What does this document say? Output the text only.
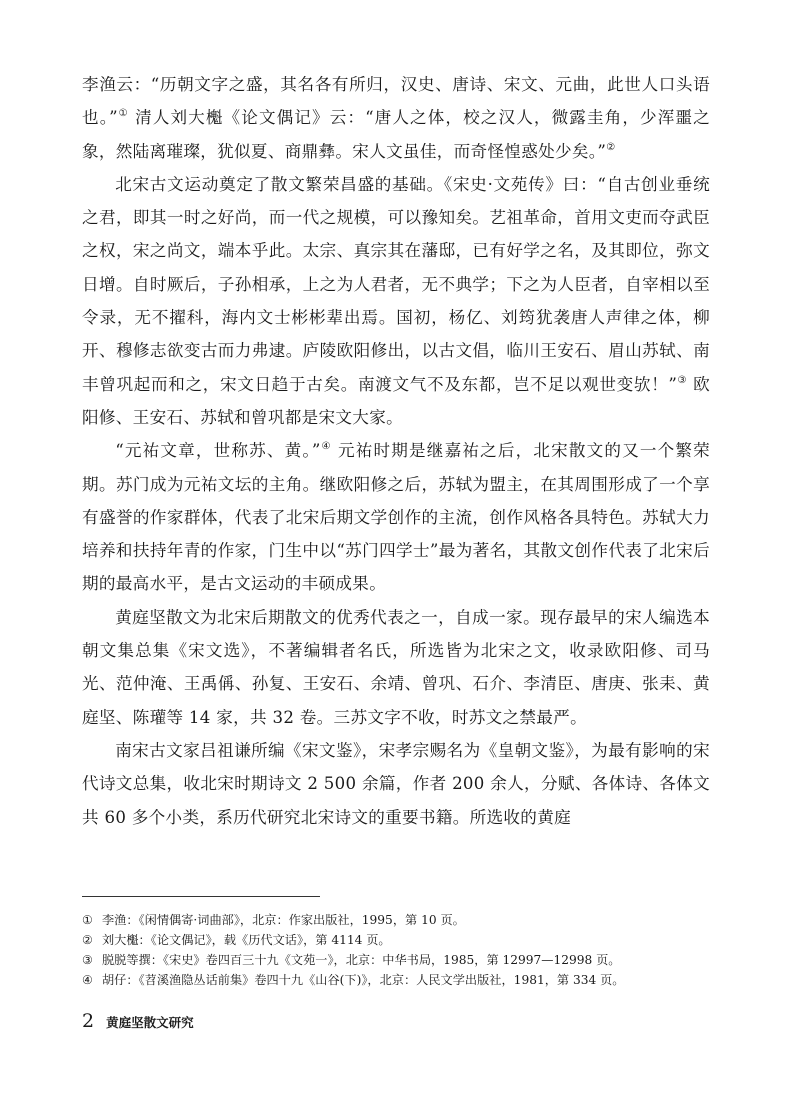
李渔云：“历朝文字之盛，其名各有所归，汉史、唐诗、宋文、元曲，此世人口头语也。”① 清人刘大櫆《论文偶记》云：“唐人之体，校之汉人，微露圭角，少浑噩之象，然陆离璀璨，犹似夏、商鼎彝。宋人文虽佳，而奇怪惶惑处少矣。”②

北宋古文运动奠定了散文繁荣昌盛的基础。《宋史·文苑传》曰：“自古创业垂统之君，即其一时之好尚，而一代之规模，可以豫知矣。艺祖革命，首用文吏而夺武臣之权，宋之尚文，端本乎此。太宗、真宗其在藩邸，已有好学之名，及其即位，弥文日增。自时厥后，子孙相承，上之为人君者，无不典学；下之为人臣者，自宰相以至令录，无不擢科，海内文士彬彬辈出焉。国初，杨亿、刘筠犹袭唐人声律之体，柳开、穆修志欲变古而力弗逮。庐陵欧阳修出，以古文倡，临川王安石、眉山苏轼、南丰曾巩起而和之，宋文日趋于古矣。南渡文气不及东都，岂不足以观世变欤！”③ 欧阳修、王安石、苏轼和曾巩都是宋文大家。

“元祐文章，世称苏、黄。”④ 元祐时期是继嘉祐之后，北宋散文的又一个繁荣期。苏门成为元祐文坛的主角。继欧阳修之后，苏轼为盟主，在其周围形成了一个享有盛誉的作家群体，代表了北宋后期文学创作的主流，创作风格各具特色。苏轼大力培养和扶持年青的作家，门生中以“苏门四学士”最为著名，其散文创作代表了北宋后期的最高水平，是古文运动的丰硕成果。

黄庭坚散文为北宋后期散文的优秀代表之一，自成一家。现存最早的宋人编选本朝文集总集《宋文选》，不著编辑者名氏，所选皆为北宋之文，收录欧阳修、司马光、范仲淹、王禹偁、孙复、王安石、余靖、曾巩、石介、李清臣、唐庚、张耒、黄庭坚、陈瓘等 14 家，共 32 卷。三苏文字不收，时苏文之禁最严。

南宋古文家吕祖谦所编《宋文鉴》，宋孝宗赐名为《皇朝文鉴》，为最有影响的宋代诗文总集，收北宋时期诗文 2 500 余篇，作者 200 余人，分赋、各体诗、各体文共 60 多个小类，系历代研究北宋诗文的重要书籍。所选收的黄庭

① 李渔：《闲情偶寄·词曲部》，北京：作家出版社，1995，第 10 页。
② 刘大櫆：《论文偶记》，载《历代文话》，第 4114 页。
③ 脱脱等撰：《宋史》卷四百三十九《文苑一》，北京：中华书局，1985，第 12997—12998 页。
④ 胡仔：《苕溪渔隐丛话前集》卷四十九《山谷(下)》，北京：人民文学出版社，1981，第 334 页。
2 黄庭坚散文研究
